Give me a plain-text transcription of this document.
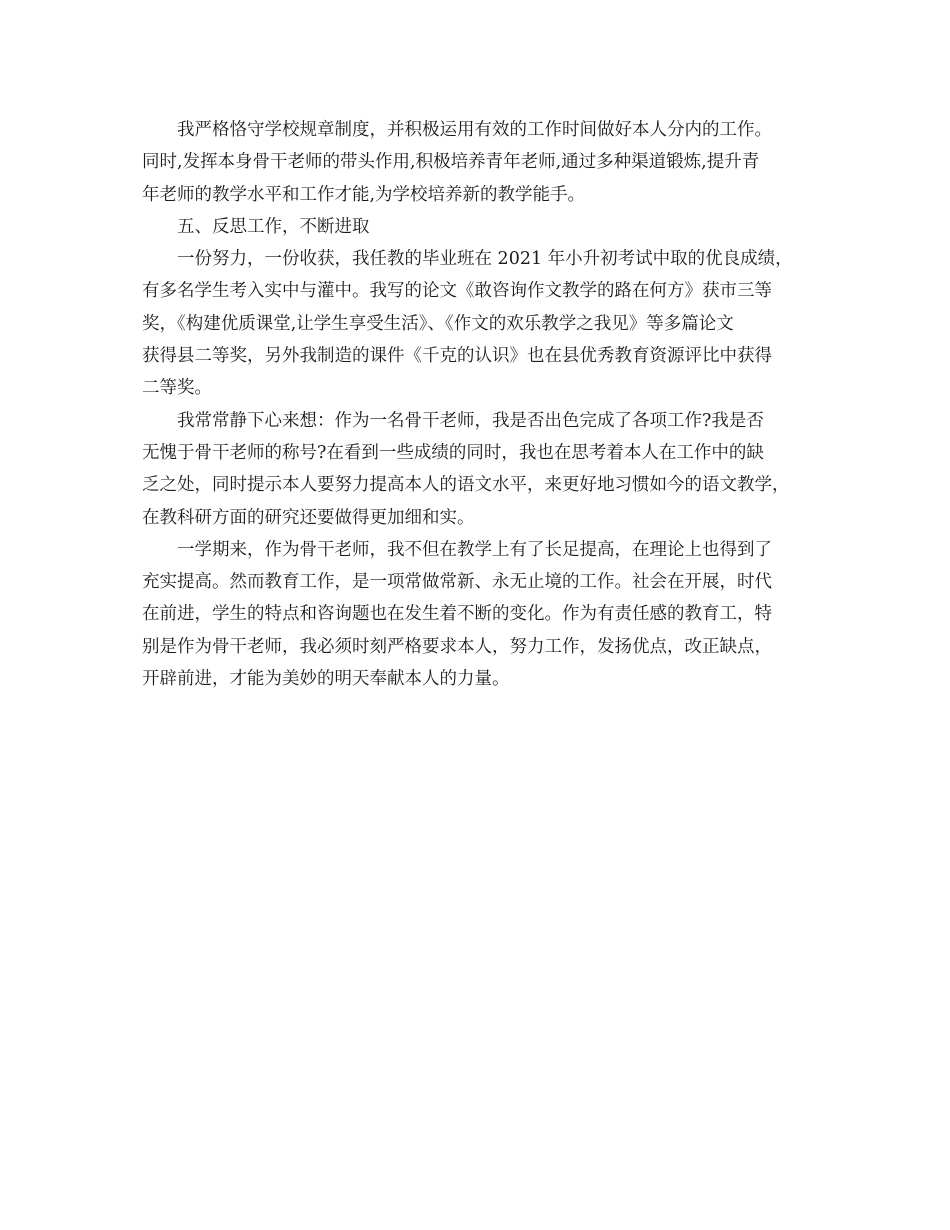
我严格恪守学校规章制度，并积极运用有效的工作时间做好本人分内的工作。
同时,发挥本身骨干老师的带头作用,积极培养青年老师,通过多种渠道锻炼,提升青
年老师的教学水平和工作才能,为学校培养新的教学能手。

五、反思工作，不断进取

一份努力，一份收获，我任教的毕业班在 2021 年小升初考试中取的优良成绩，
有多名学生考入实中与灌中。我写的论文《敢咨询作文教学的路在何方》获市三等
奖，《构建优质课堂,让学生享受生活》、《作文的欢乐教学之我见》等多篇论文
获得县二等奖，另外我制造的课件《千克的认识》也在县优秀教育资源评比中获得
二等奖。

我常常静下心来想：作为一名骨干老师，我是否出色完成了各项工作?我是否
无愧于骨干老师的称号?在看到一些成绩的同时，我也在思考着本人在工作中的缺
乏之处，同时提示本人要努力提高本人的语文水平，来更好地习惯如今的语文教学，
在教科研方面的研究还要做得更加细和实。

一学期来，作为骨干老师，我不但在教学上有了长足提高，在理论上也得到了
充实提高。然而教育工作，是一项常做常新、永无止境的工作。社会在开展，时代
在前进，学生的特点和咨询题也在发生着不断的变化。作为有责任感的教育工，特
别是作为骨干老师，我必须时刻严格要求本人，努力工作，发扬优点，改正缺点，
开辟前进，才能为美妙的明天奉献本人的力量。
